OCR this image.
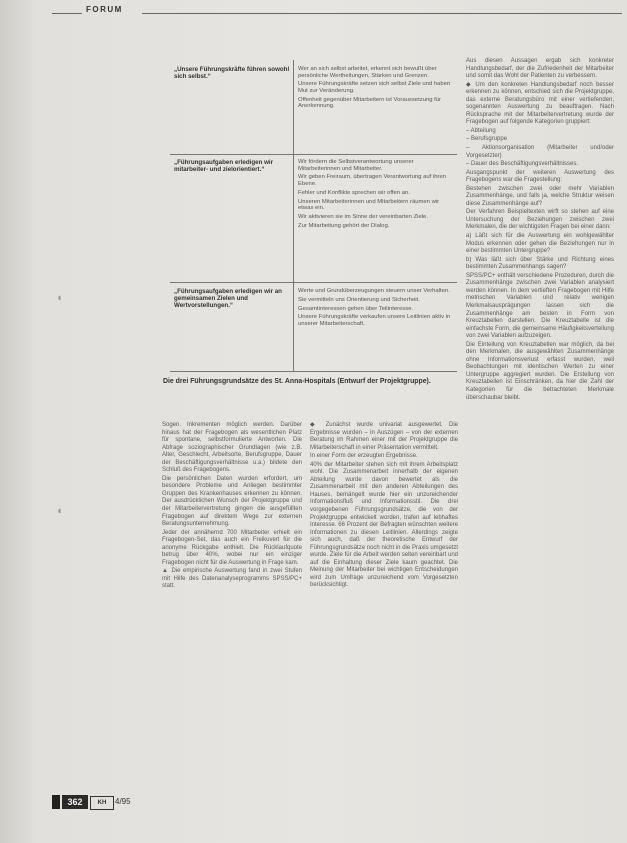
FORUM
◖
◖
„Unsere Führungskräfte führen sowohl sich selbst.“

Wer an sich selbst arbeitet, erkennt sich bewußt über persönliche Wertheltungen, Stärken und Grenzen.

Unsere Führungskräfte setzen sich selbst Ziele und haben Mut zur Veränderung.

Offenheit gegenüber Mitarbeitern ist Voraussetzung für Anerkennung.

„Führungsaufgaben erledigen wir mitarbeiter- und zielorientiert.“

Wir fördern die Selbstverantwortung unserer Mitarbeiterinnen und Mitarbeiter.

Wir geben Freiraum, übertragen Verantwortung auf ihren Ebene.

Fehler und Konflikte sprechen wir offen an.

Unseren Mitarbeiterinnen und Mitarbeitern räumen wir etwas ein.

Wir aktivieren sie im Sinne der vereinbarten Ziele.

Zur Mitarbeitung gehört der Dialog.

„Führungsaufgaben erledigen wir an gemeinsamen Zielen und Wertvorstellungen.“

Werte und Grundüberzeugungen steuern unser Verhalten.

Sie vermitteln uns Orientierung und Sicherheit.

Gesamtinteressen gehen über Teilinteresse.

Unsere Führungskräfte verkaufen unsere Leitlinien aktiv in unserer Mitarbeiterschaft.

Die drei Führungsgrundsätze des St. Anna-Hospitals (Entwurf der Projektgruppe).

Sogen. Inkrementen möglich werden. Darüber hinaus hat der Fragebogen als wesentlichen Platz für spontane, selbstformulierte Antworten. Die Abfrage soziographischer Grundlagen (wie z.B. Alter, Geschlecht, Arbeitsorte, Berufsgruppe, Dauer der Beschäftigungsverhältnisse u.a.) bildete den Schluß des Fragebogens.

Die persönlichen Daten wurden erfordert, um besondere Probleme und Anliegen bestimmter Gruppen des Krankenhauses erkennen zu können. Der ausdrücklichen Wunsch der Projektgruppe und der Mitarbeitervertretung gingen die ausgefüllten Fragebogen auf direktem Wege zur externen Beratungsunternehmung.

Jeder der annähernd 700 Mitarbeiter erhielt ein Fragebogen-Set, das auch ein Freikuvert für die anonyme Rückgabe enthielt. Die Rücklaufquote betrug über 40%, wobei nur ein einziger Fragebogen nicht für die Auswertung in Frage kam.

▲ Die empirische Auswertung fand in zwei Stufen mit Hilfe des Datenanalyseprogramms SPSS/PC+ statt.

◆ Zunächst wurde univariat ausgewertet. Die Ergebnisse wurden – in Auszügen – von der externen Beratung im Rahmen einer mit der Projektgruppe die Mitarbeiterschaft in einer Präsentation vermittelt.

In einer Form der erzeugten Ergebnisse.

40% der Mitarbeiter stehen sich mit ihrem Arbeitsplatz wohl. Die Zusammenarbeit innerhalb der eigenen Abteilung wurde davon bewertet als die Zusammenarbeit mit den anderen Abteilungen des Hauses, bemängelt wurde hier ein unzureichender Informationsfluß und Informationsstil. Die drei vorgegebenen Führungsgrundsätze, die von der Projektgruppe entwickelt worden, trafen auf lebhaftes Interesse. 66 Prozent der Befragten wünschten weitere Informationen zu diesen Leitlinien. Allerdings zeigte sich auch, daß der theoretische Entwurf der Führungsgrundsätze noch nicht in die Praxis umgesetzt wurde. Ziele für die Arbeit werden selten vereinbart und auf die Einhaltung dieser Ziele kaum geachtet. Die Meinung der Mitarbeiter bei wichtigen Entscheidungen wird zum Umfrage unzureichend vom Vorgesetzten berücksichtigt.

Aus diesen Aussagen ergab sich konkreter Handlungsbedarf, der die Zufriedenheit der Mitarbeiter und somit das Wohl der Patienten zu verbessern.

◆ Um den konkreten Handlungsbedarf noch besser erkennen zu können, entschied sich die Projektgruppe, das externe Beratungsbüro mit einer vertiefenden, sogenannten Auswertung zu beauftragen. Nach Rücksprache mit der Mitarbeitervertretung wurde der Fragebogen auf folgende Kategorien gruppiert:

– Abteilung

– Berufsgruppe

– Aktionsorganisation (Mitarbeiter und/oder Vorgesetzter)

– Dauer des Beschäftigungsverhältnisses.

Ausgangspunkt der weiteren Auswertung des Fragebogens war die Fragestellung:

Bestehen zwischen zwei oder mehr Variablen Zusammenhänge, und falls ja, welche Struktur weisen diese Zusammenhänge auf?

Der Verfahren Beispieltexten wirft so stehen auf eine Untersuchung der Beziehungen zwischen zwei Merkmalen, die der wichtigsten Fragen bei einer dann:

a) Läßt sich für die Auswertung ein wohlgewählter Modus erkennen oder gehen die Beziehungen nur in einer bestimmten Untergruppe?

b) Was läßt sich über Stärke und Richtung eines bestimmten Zusammenhangs sagen?

SPSS/PC+ enthält verschiedene Prozeduren, durch die Zusammenhänge zwischen zwei Variablen analysiert werden können. In dem vertieften Fragebogen mit Hilfe metrischen Variablen und relativ wenigen Merkmalsausprägungen lassen sich die Zusammenhänge am besten in Form von Kreuztabellen darstellen. Die Kreuztabelle ist die einfachste Form, die gemeinsame Häufigkeitsverteilung von zwei Variablen aufzuzeigen.

Die Einteilung von Kreuztabellen war möglich, da bei den Merkmalen, die ausgewählten Zusammenhänge ohne Informationsverlust erfasst wurden, weil Beobachtungen mit identischen Werten zu einer Untergruppe aggregiert wurden. Die Erstellung von Kreuztabellen ist Einschränken, da hier die Zahl der Kategorien für die betrachteten Merkmale überschaubar bleibt.

362	KH	4/95
